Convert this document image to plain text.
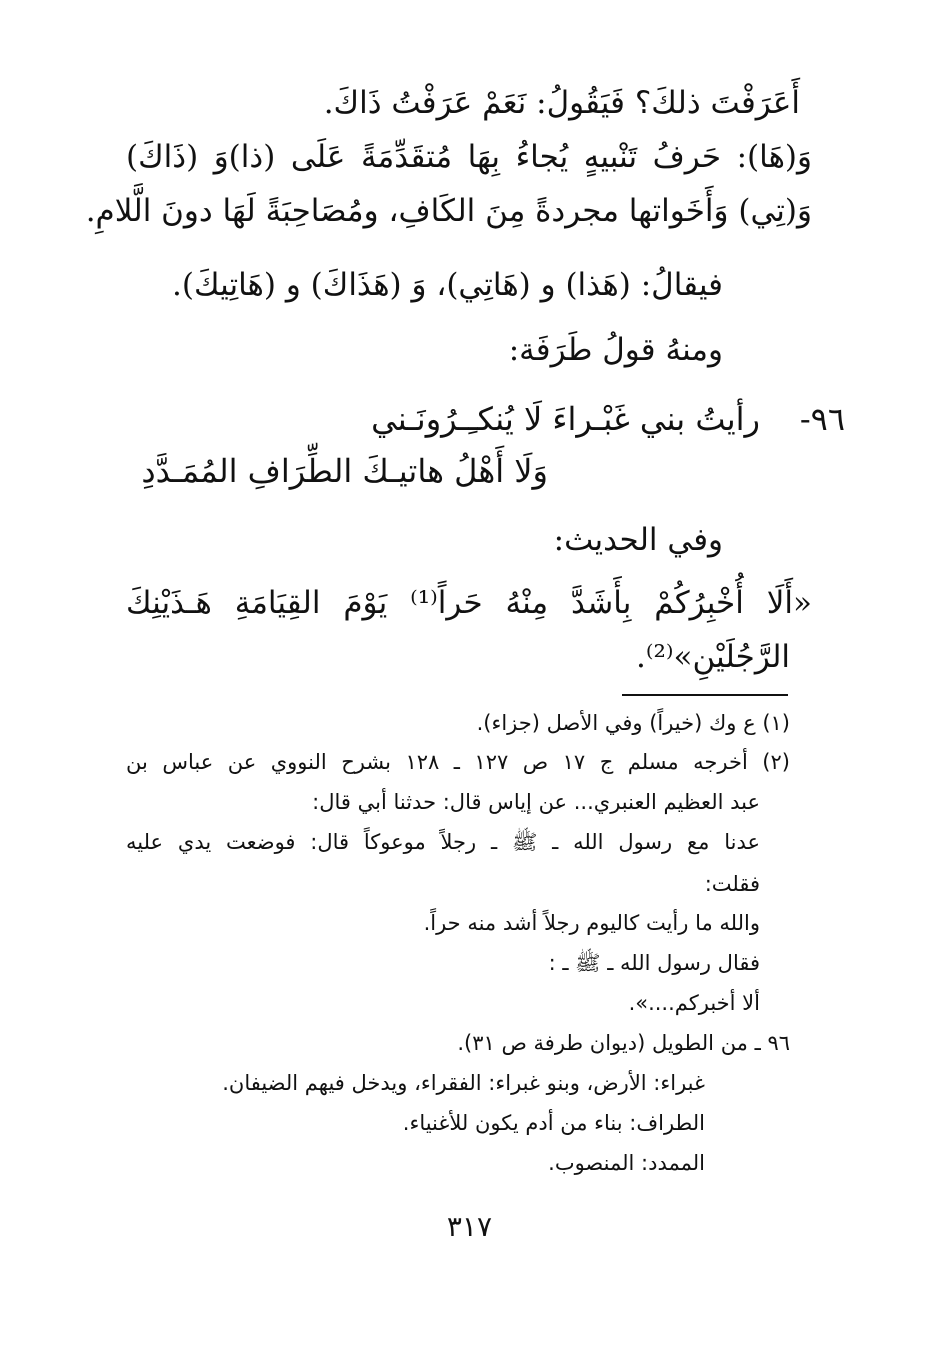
أَعَرَفْتَ ذلكَ؟ فَيَقُولُ: نَعَمْ عَرَفْتُ ذَاكَ.
وَ(هَا): حَرفُ تَنْبيهٍ يُجاءُ بِهَا مُتقَدِّمَةً عَلَى (ذا)وَ (ذَاكَ)
وَ(تِي) وَأَخَواتها مجردةً مِنَ الكَافِ، ومُصَاحِبَةً لَهَا دونَ الَّلامِ.
فيقالُ: (هَذا) و (هَاتِي)، وَ (هَذَاكَ) و (هَاتِيكَ).
ومنهُ قولُ طَرَفَة:
٩٦-
رأيتُ بني غَبْـراءَ لَا يُنكـِـرُونَـني
وَلَا أَهْلُ هاتيـكَ الطِّرَافِ المُمَـدَّدِ
وفي الحديث:
«أَلَا أُخْبِرُكُمْ بِأَشَدَّ مِنْهُ حَراً⁽¹⁾ يَوْمَ القِيَامَةِ هَـذَيْنِكَ
الرَّجُلَيْنِ»⁽²⁾.
(١) ع وك (خيراً) وفي الأصل (جزاء).
(٢) أخرجه مسلم ج ١٧ ص ١٢٧ ـ ١٢٨ بشرح النووي عن عباس بن
عبد العظيم العنبري... عن إياس قال: حدثنا أبي قال:
عدنا مع رسول الله ـ ﷺ ـ رجلاً موعوكاً قال: فوضعت يدي عليه
فقلت:
والله ما رأيت كاليوم رجلاً أشد منه حراً.
فقال رسول الله ـ ﷺ ـ :
ألا أخبركم....».
٩٦ ـ من الطويل (ديوان طرفة ص ٣١).
غبراء: الأرض، وبنو غبراء: الفقراء، ويدخل فيهم الضيفان.
الطراف: بناء من أدم يكون للأغنياء.
الممدد: المنصوب.
٣١٧
